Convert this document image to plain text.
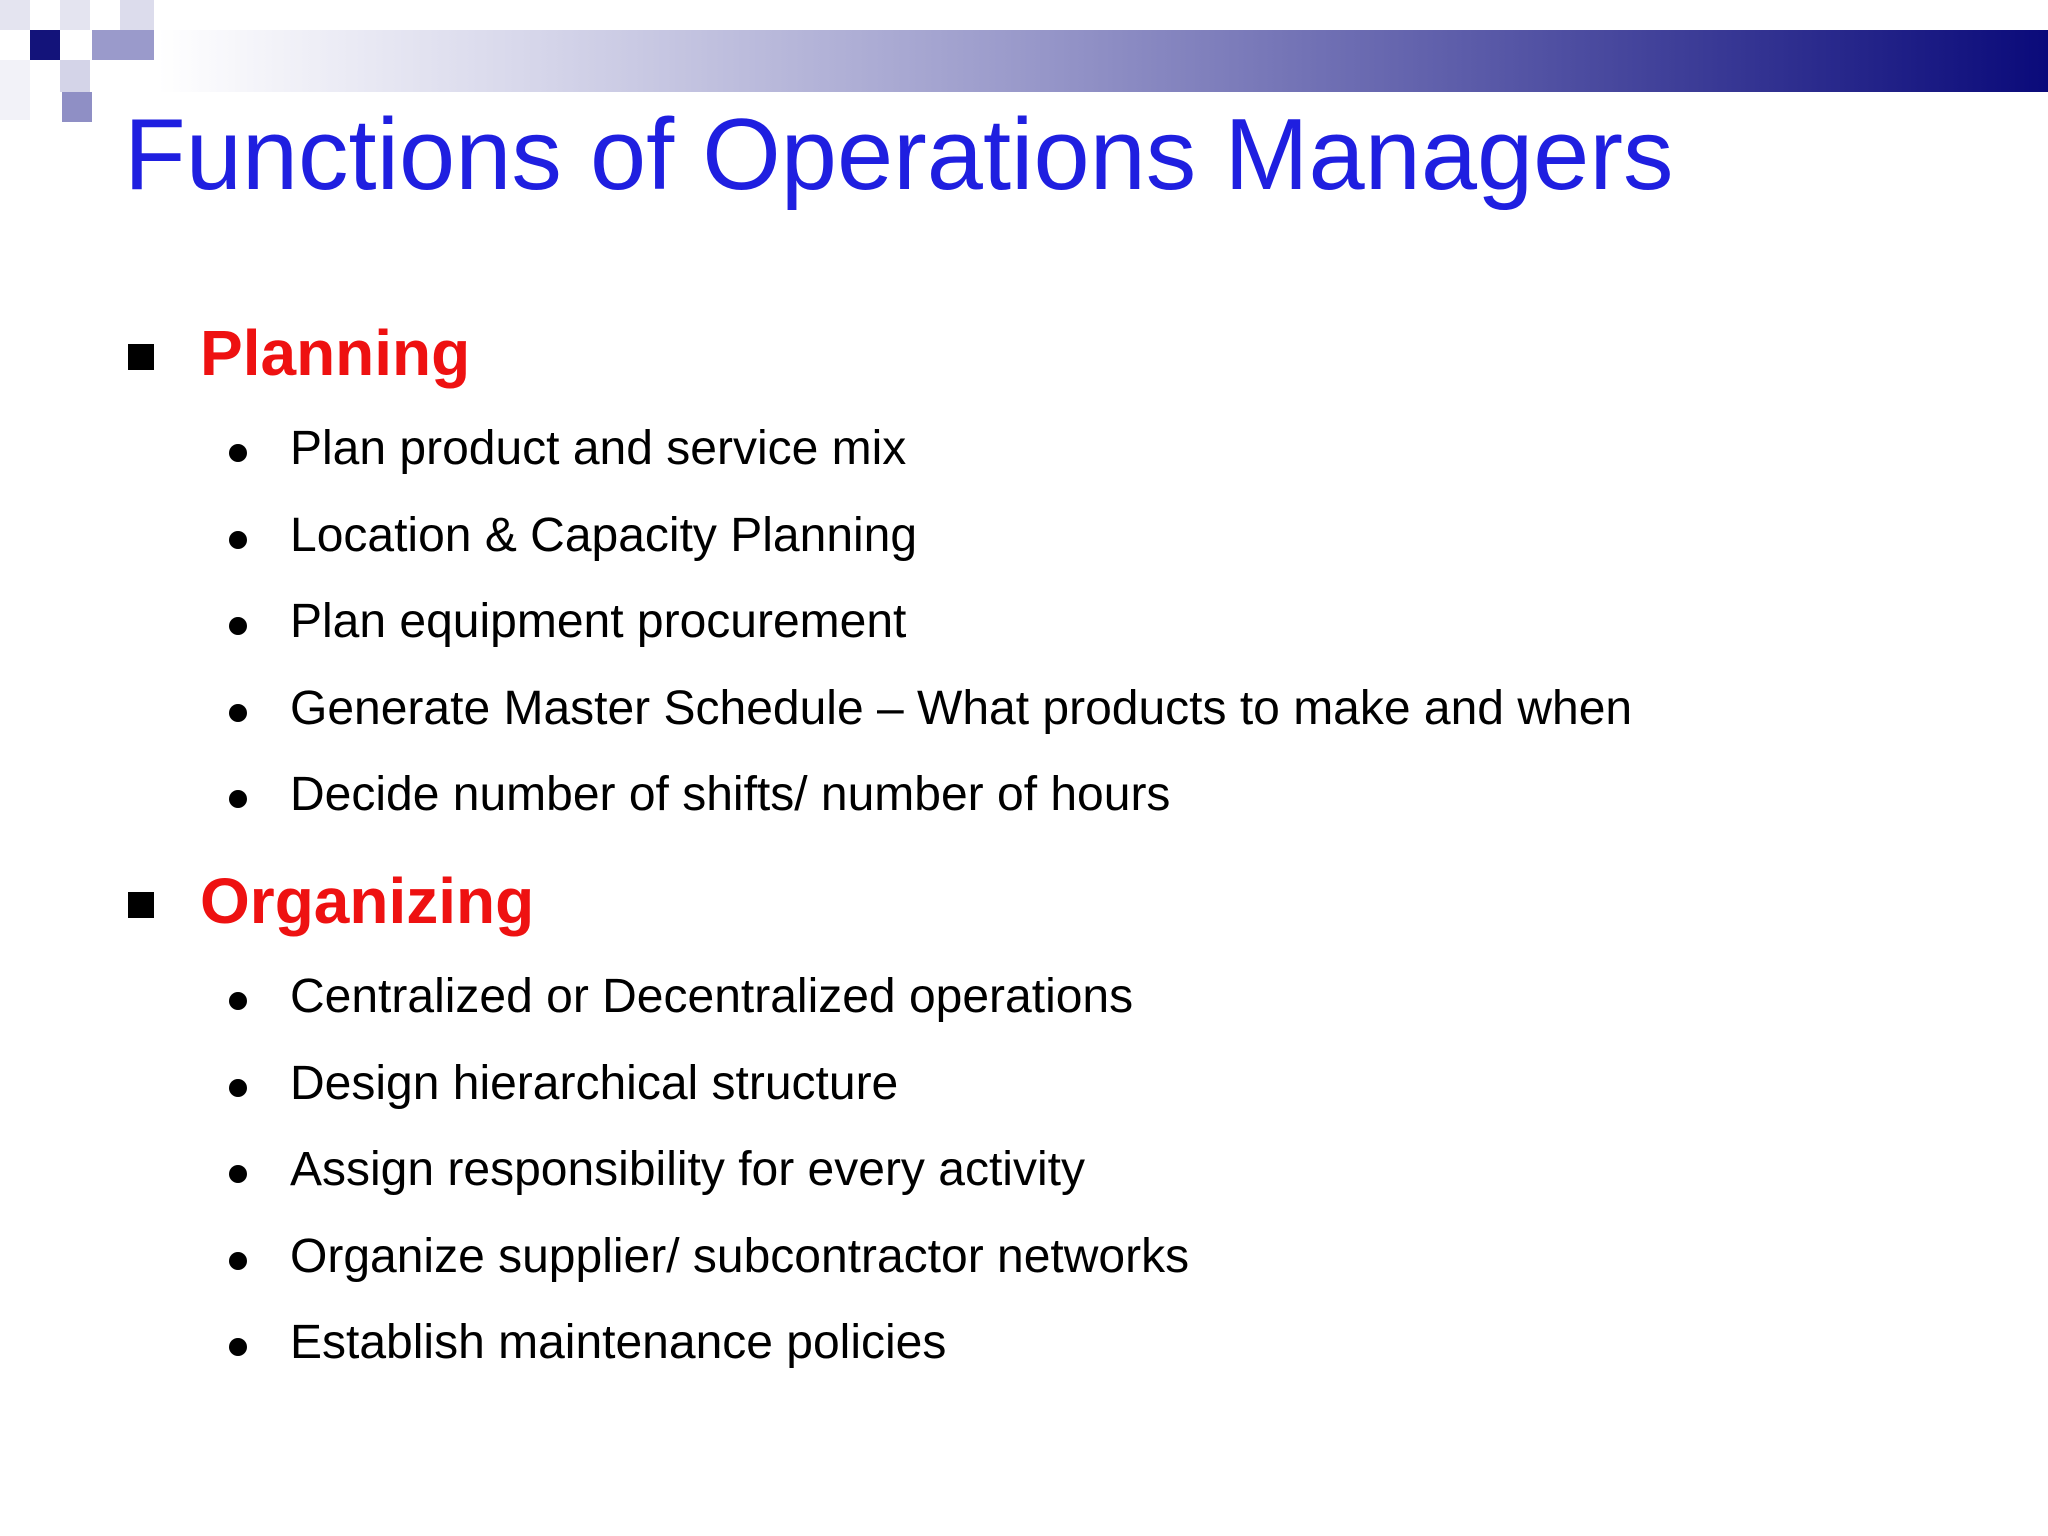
Functions of Operations Managers
Planning
Plan product and service mix
Location & Capacity Planning
Plan equipment procurement
Generate Master Schedule – What products to make and when
Decide number of shifts/ number of hours
Organizing
Centralized or Decentralized operations
Design hierarchical structure
Assign responsibility for every activity
Organize supplier/ subcontractor networks
Establish maintenance policies
